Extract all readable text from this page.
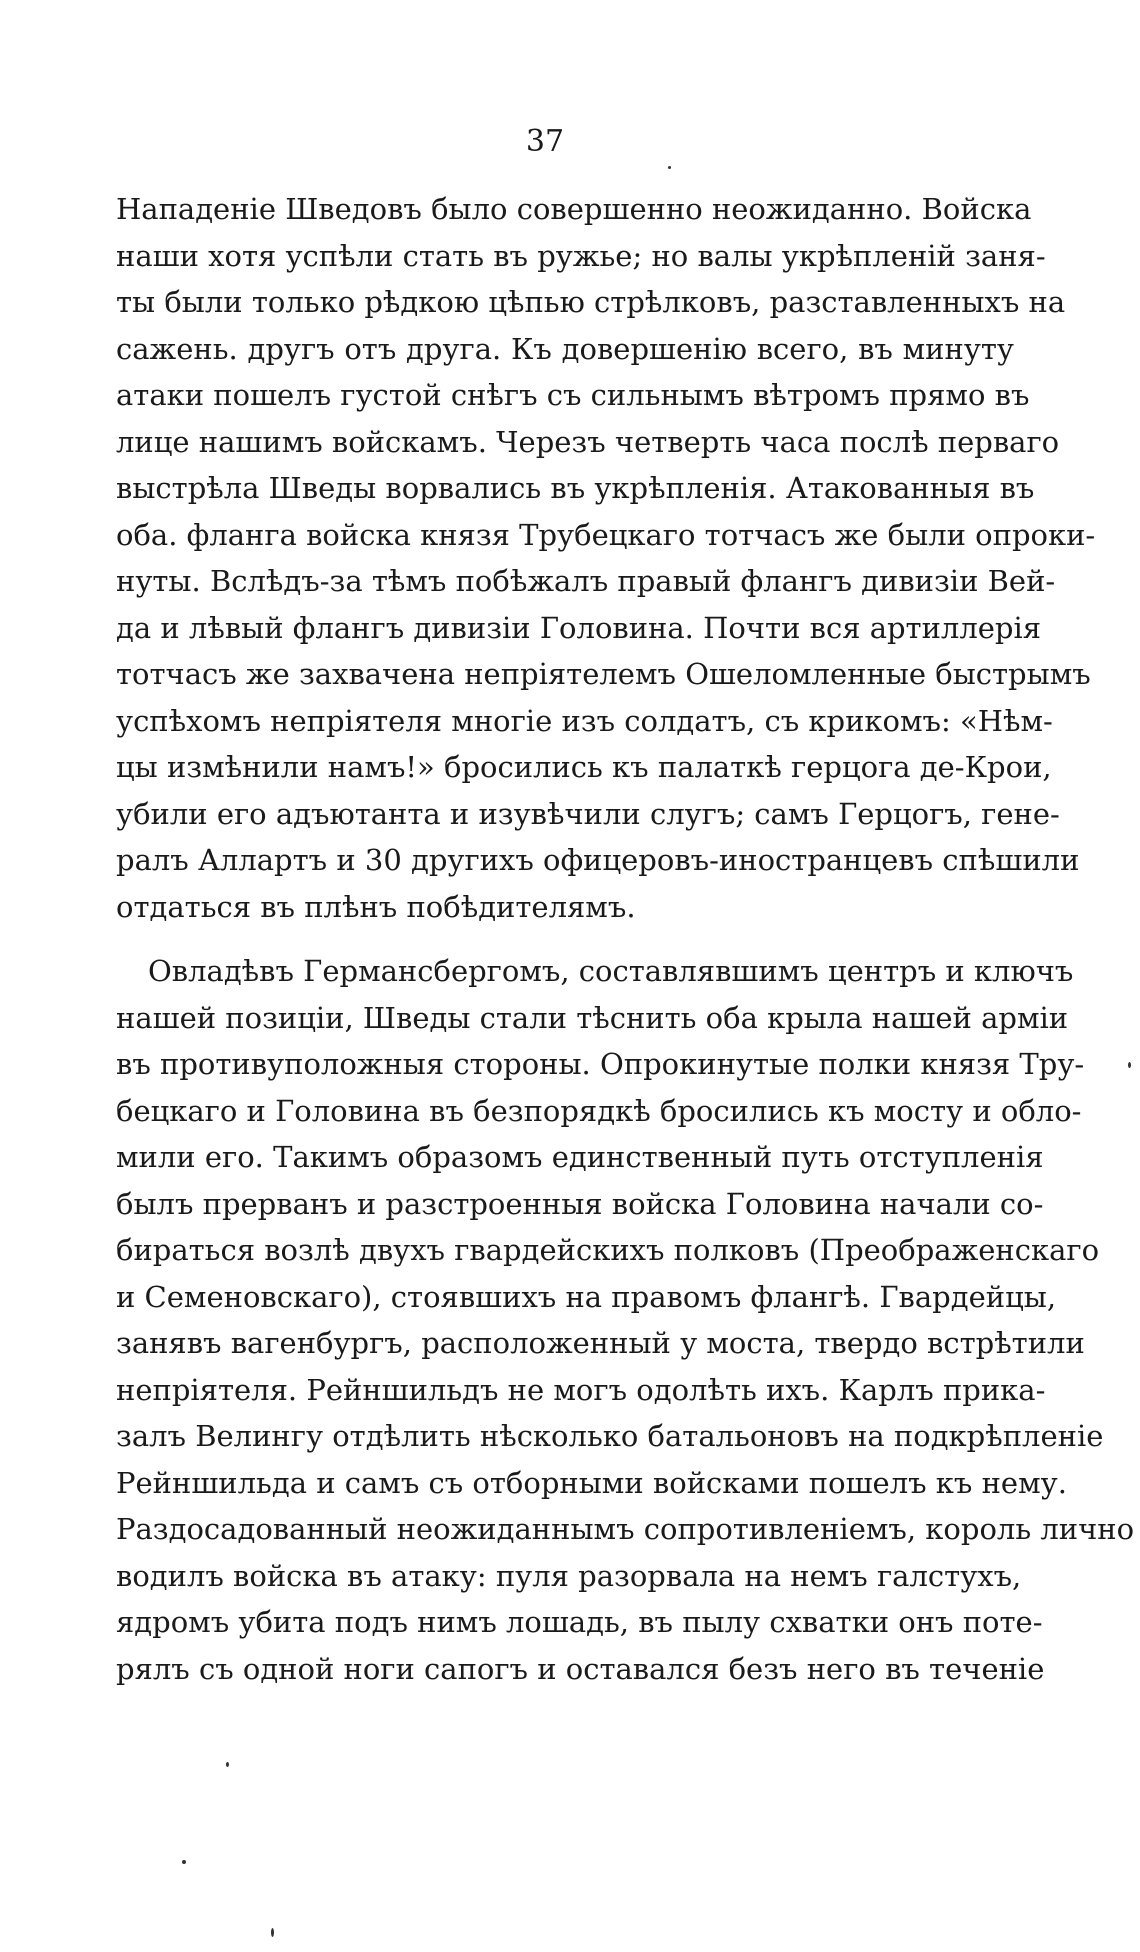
37
Нападенiе Шведовъ было совершенно неожиданно. Войска
наши хотя успѣли стать въ ружье; но валы укрѣпленiй заня-
ты были только рѣдкою цѣпью стрѣлковъ, разставленныхъ на
сажень. другъ отъ друга. Къ довершенiю всего, въ минуту
атаки пошелъ густой снѣгъ съ сильнымъ вѣтромъ прямо въ
лице нашимъ войскамъ. Черезъ четверть часа послѣ перваго
выстрѣла Шведы ворвались въ укрѣпленiя. Атакованныя въ
оба. фланга войска князя Трубецкаго тотчасъ же были опроки-
нуты. Вслѣдъ-за тѣмъ побѣжалъ правый флангъ дивизiи Вей-
да и лѣвый флангъ дивизiи Головина. Почти вся артиллерiя
тотчасъ же захвачена непрiятелемъ Ошеломленные быстрымъ
успѣхомъ непрiятеля многiе изъ солдатъ, съ крикомъ: «Нѣм-
цы измѣнили намъ!» бросились къ палаткѣ герцога де-Крои,
убили его адъютанта и изувѣчили слугъ; самъ Герцогъ, гене-
ралъ Аллартъ и 30 другихъ офицеровъ-иностранцевъ спѣшили
отдаться въ плѣнъ побѣдителямъ.
Овладѣвъ Германсбергомъ, составлявшимъ центръ и ключъ
нашей позицiи, Шведы стали тѣснить оба крыла нашей армiи
въ противуположныя стороны. Опрокинутые полки князя Тру-
бецкаго и Головина въ безпорядкѣ бросились къ мосту и обло-
мили его. Такимъ образомъ единственный путь отступленiя
былъ прерванъ и разстроенныя войска Головина начали со-
бираться возлѣ двухъ гвардейскихъ полковъ (Преображенскаго
и Семеновскаго), стоявшихъ на правомъ флангѣ. Гвардейцы,
занявъ вагенбургъ, расположенный у моста, твердо встрѣтили
непрiятеля. Рейншильдъ не могъ одолѣть ихъ. Карлъ прика-
залъ Велингу отдѣлить нѣсколько батальоновъ на подкрѣпленiе
Рейншильда и самъ съ отборными войсками пошелъ къ нему.
Раздосадованный неожиданнымъ сопротивленiемъ, король лично
водилъ войска въ атаку: пуля разорвала на немъ галстухъ,
ядромъ убита подъ нимъ лошадь, въ пылу схватки онъ поте-
рялъ съ одной ноги сапогъ и оставался безъ него въ теченiе
